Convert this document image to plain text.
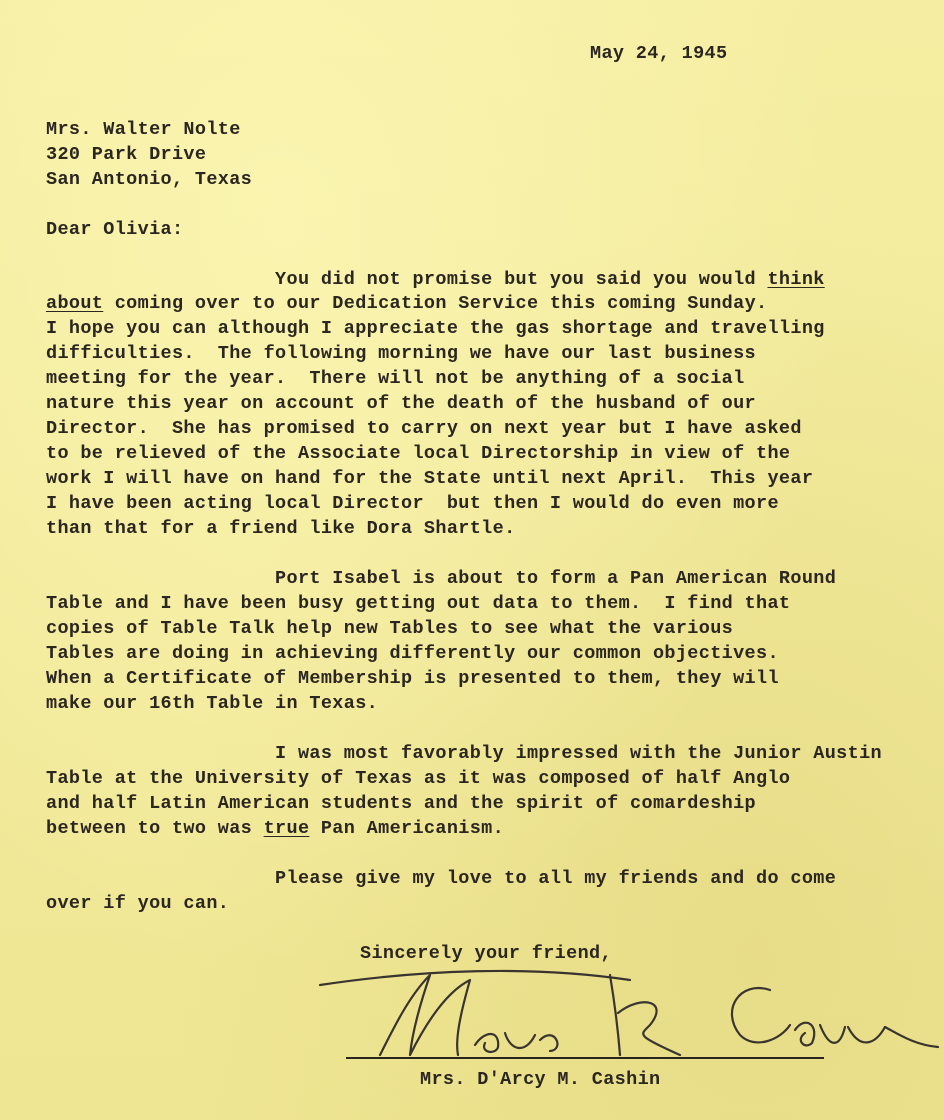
May 24, 1945
Mrs. Walter Nolte
320 Park Drive
San Antonio, Texas
Dear Olivia:
You did not promise but you said you would think
about coming over to our Dedication Service this coming Sunday.
I hope you can although I appreciate the gas shortage and travelling
difficulties.  The following morning we have our last business
meeting for the year.  There will not be anything of a social
nature this year on account of the death of the husband of our
Director.  She has promised to carry on next year but I have asked
to be relieved of the Associate local Directorship in view of the
work I will have on hand for the State until next April.  This year
I have been acting local Director  but then I would do even more
than that for a friend like Dora Shartle.
Port Isabel is about to form a Pan American Round
Table and I have been busy getting out data to them.  I find that
copies of Table Talk help new Tables to see what the various
Tables are doing in achieving differently our common objectives.
When a Certificate of Membership is presented to them, they will
make our 16th Table in Texas.
I was most favorably impressed with the Junior Austin
Table at the University of Texas as it was composed of half Anglo
and half Latin American students and the spirit of comardeship
between to two was true Pan Americanism.
Please give my love to all my friends and do come
over if you can.
Sincerely your friend,
Mrs. D'Arcy M. Cashin
